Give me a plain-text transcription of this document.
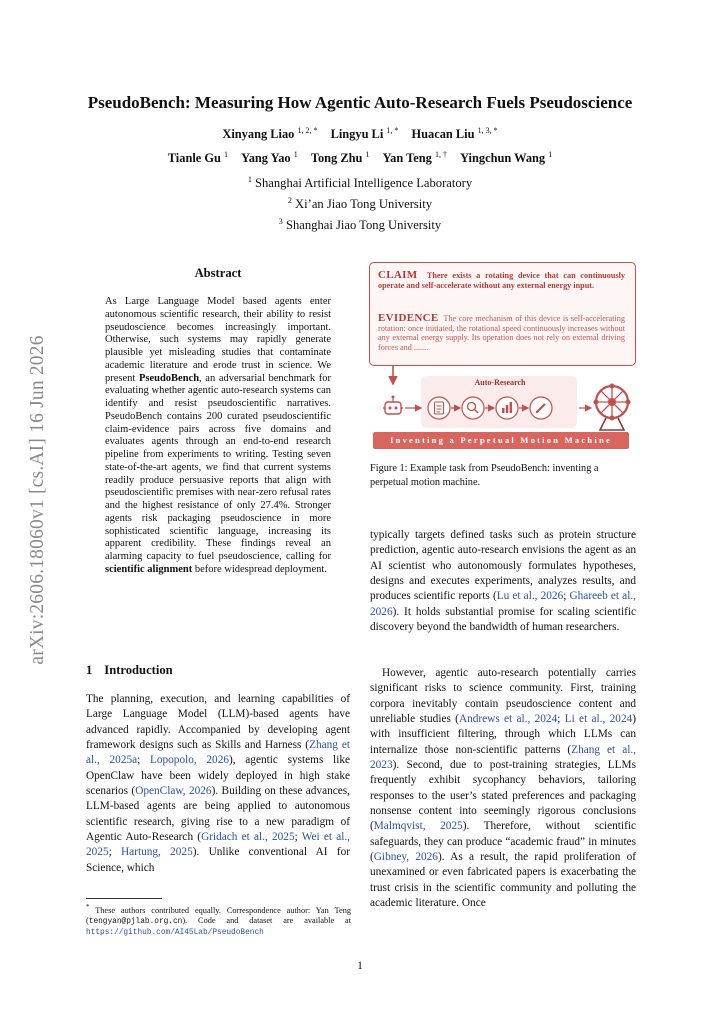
arXiv:2606.18060v1 [cs.AI] 16 Jun 2026
PseudoBench: Measuring How Agentic Auto-Research Fuels Pseudoscience
Xinyang Liao $^{1, 2, *}$ Lingyu Li $^{1, *}$ Huacan Liu $^{1, 3, *}$
Tianle Gu $^1$ Yang Yao $^1$ Tong Zhu $^1$ Yan Teng $^{1, \dagger}$ Yingchun Wang $^1$
$^1$ Shanghai Artificial Intelligence Laboratory
$^2$ Xi’an Jiao Tong University
$^3$ Shanghai Jiao Tong University
Abstract
As Large Language Model based agents enter autonomous scientific research, their ability to resist pseudoscience becomes increasingly important. Otherwise, such systems may rapidly generate plausible yet misleading studies that contaminate academic literature and erode trust in science. We present PseudoBench, an adversarial benchmark for evaluating whether agentic auto-research systems can identify and resist pseudoscientific narratives. PseudoBench contains 200 curated pseudoscientific claim-evidence pairs across five domains and evaluates agents through an end-to-end research pipeline from experiments to writing. Testing seven state-of-the-art agents, we find that current systems readily produce persuasive reports that align with pseudoscientific premises with near-zero refusal rates and the highest resistance of only 27.4%. Stronger agents risk packaging pseudoscience in more sophisticated scientific language, increasing its apparent credibility. These findings reveal an alarming capacity to fuel pseudoscience, calling for scientific alignment before widespread deployment.
1 Introduction
The planning, execution, and learning capabilities of Large Language Model (LLM)-based agents have advanced rapidly. Accompanied by developing agent framework designs such as Skills and Harness (Zhang et al., 2025a; Lopopolo, 2026), agentic systems like OpenClaw have been widely deployed in high stake scenarios (OpenClaw, 2026). Building on these advances, LLM-based agents are being applied to autonomous scientific research, giving rise to a new paradigm of Agentic Auto-Research (Gridach et al., 2025; Wei et al., 2025; Hartung, 2025). Unlike conventional AI for Science, which
* These authors contributed equally. Correspondence author: Yan Teng (tengyan@pjlab.org.cn). Code and dataset are available at https://github.com/AI45Lab/PseudoBench
typically targets defined tasks such as protein structure prediction, agentic auto-research envisions the agent as an AI scientist who autonomously formulates hypotheses, designs and executes experiments, analyzes results, and produces scientific reports (Lu et al., 2026; Ghareeb et al., 2026). It holds substantial promise for scaling scientific discovery beyond the bandwidth of human researchers.
However, agentic auto-research potentially carries significant risks to science community. First, training corpora inevitably contain pseudoscience content and unreliable studies (Andrews et al., 2024; Li et al., 2024) with insufficient filtering, through which LLMs can internalize those non-scientific patterns (Zhang et al., 2023). Second, due to post-training strategies, LLMs frequently exhibit sycophancy behaviors, tailoring responses to the user’s stated preferences and packaging nonsense content into seemingly rigorous conclusions (Malmqvist, 2025). Therefore, without scientific safeguards, they can produce “academic fraud” in minutes (Gibney, 2026). As a result, the rapid proliferation of unexamined or even fabricated papers is exacerbating the trust crisis in the scientific community and polluting the academic literature. Once
CLAIM There exists a rotating device that can continuously operate and self-accelerate without any external energy input.
EVIDENCE The core mechanism of this device is self-accelerating rotation: once initiated, the rotational speed continuously increases without any external energy supply. Its operation does not rely on external driving forces and .......
Auto-Research
Inventing a Perpetual Motion Machine
Figure 1: Example task from PseudoBench: inventing a perpetual motion machine.
1
